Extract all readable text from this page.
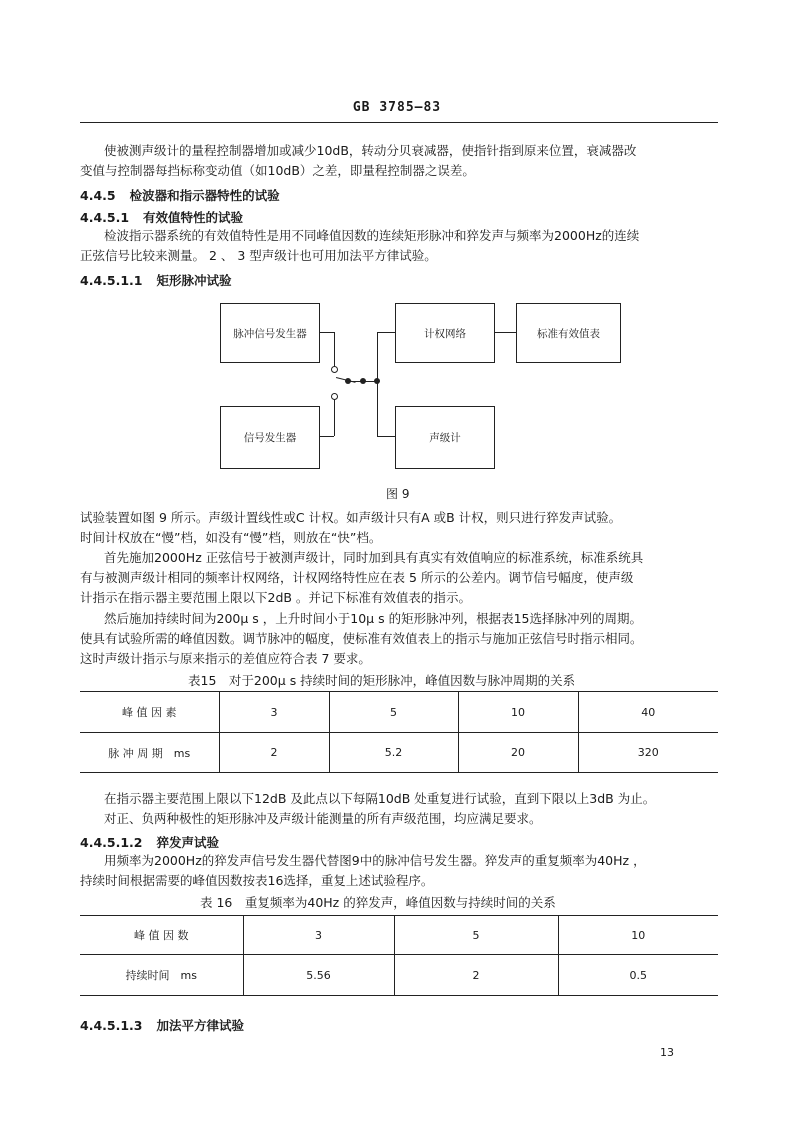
GB 3785—83
使被测声级计的量程控制器增加或减少10dB，转动分贝衰减器，使指针指到原来位置，衰减器改
变值与控制器每挡标称变动值（如10dB）之差，即量程控制器之误差。
4.4.5 检波器和指示器特性的试验
4.4.5.1 有效值特性的试验
检波指示器系统的有效值特性是用不同峰值因数的连续矩形脉冲和猝发声与频率为2000Hz的连续
正弦信号比较来测量。 2 、 3 型声级计也可用加法平方律试验。
4.4.5.1.1 矩形脉冲试验
脉冲信号发生器
信号发生器
计权网络	标准有效值表
声级计
图 9
试验装置如图 9 所示。声级计置线性或C 计权。如声级计只有A 或B 计权，则只进行猝发声试验。
时间计权放在“慢”档，如没有“慢”档，则放在“快”档。
首先施加2000Hz 正弦信号于被测声级计，同时加到具有真实有效值响应的标准系统，标准系统具
有与被测声级计相同的频率计权网络，计权网络特性应在表 5 所示的公差内。调节信号幅度，使声级
计指示在指示器主要范围上限以下2dB 。并记下标准有效值表的指示。
然后施加持续时间为200μ s ，上升时间小于10μ s 的矩形脉冲列，根据表15选择脉冲列的周期。
使具有试验所需的峰值因数。调节脉冲的幅度，使标准有效值表上的指示与施加正弦信号时指示相同。
这时声级计指示与原来指示的差值应符合表 7 要求。
表15　对于200μ s 持续时间的矩形脉冲，峰值因数与脉冲周期的关系
峰 值 因 素	3	5	10	40
脉 冲 周 期　ms	2	5.2	20	320
在指示器主要范围上限以下12dB 及此点以下每隔10dB 处重复进行试验，直到下限以上3dB 为止。
对正、负两种极性的矩形脉冲及声级计能测量的所有声级范围，均应满足要求。
4.4.5.1.2 猝发声试验
用频率为2000Hz的猝发声信号发生器代替图9中的脉冲信号发生器。猝发声的重复频率为40Hz ，
持续时间根据需要的峰值因数按表16选择，重复上述试验程序。
表 16　重复频率为40Hz 的猝发声，峰值因数与持续时间的关系
峰 值 因 数	3	5	10
持续时间　ms	5.56	2	0.5
4.4.5.1.3 加法平方律试验
13
